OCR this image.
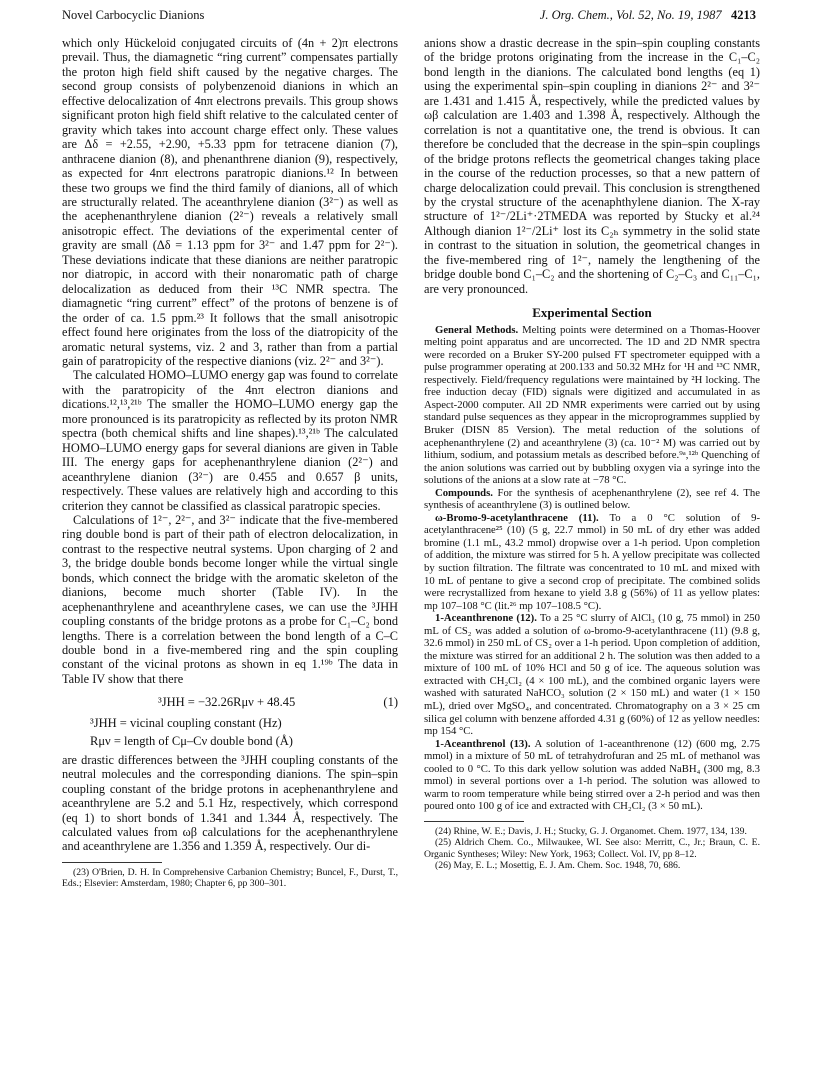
Novel Carbocyclic Dianions	J. Org. Chem., Vol. 52, No. 19, 1987 4213

which only Hückeloid conjugated circuits of (4n + 2)π electrons prevail. Thus, the diamagnetic “ring current” compensates partially the proton high field shift caused by the negative charges. The second group consists of polybenzenoid dianions in which an effective delocalization of 4nπ electrons prevails. This group shows significant proton high field shift relative to the calculated center of gravity which takes into account charge effect only. These values are Δδ = +2.55, +2.90, +5.33 ppm for tetracene dianion (7), anthracene dianion (8), and phenanthrene dianion (9), respectively, as expected for 4nπ electrons paratropic dianions.¹² In between these two groups we find the third family of dianions, all of which are structurally related. The aceanthrylene dianion (3²⁻) as well as the acephenanthrylene dianion (2²⁻) reveals a relatively small anisotropic effect. The deviations of the experimental center of gravity are small (Δδ = 1.13 ppm for 3²⁻ and 1.47 ppm for 2²⁻). These deviations indicate that these dianions are neither paratropic nor diatropic, in accord with their nonaromatic path of charge delocalization as deduced from their ¹³C NMR spectra. The diamagnetic “ring current” effect” of the protons of benzene is of the order of ca. 1.5 ppm.²³ It follows that the small anisotropic effect found here originates from the loss of the diatropicity of the aromatic netural systems, viz. 2 and 3, rather than from a partial gain of paratropicity of the respective dianions (viz. 2²⁻ and 3²⁻).

The calculated HOMO–LUMO energy gap was found to correlate with the paratropicity of the 4nπ electron dianions and dications.¹²,¹³,²¹ᵇ The smaller the HOMO–LUMO energy gap the more pronounced is its paratropicity as reflected by its proton NMR spectra (both chemical shifts and line shapes).¹³,²¹ᵇ The calculated HOMO–LUMO energy gaps for several dianions are given in Table III. The energy gaps for acephenanthrylene dianion (2²⁻) and aceanthrylene dianion (3²⁻) are 0.455 and 0.657 β units, respectively. These values are relatively high and according to this criterion they cannot be classified as classical paratropic species.

Calculations of 1²⁻, 2²⁻, and 3²⁻ indicate that the five-membered ring double bond is part of their path of electron delocalization, in contrast to the respective neutral systems. Upon charging of 2 and 3, the bridge double bonds become longer while the virtual single bonds, which connect the bridge with the aromatic skeleton of the dianions, become much shorter (Table IV). In the acephenanthrylene and aceanthrylene cases, we can use the ³JHH coupling constants of the bridge protons as a probe for C₁–C₂ bond lengths. There is a correlation between the bond length of a C–C double bond in a five-membered ring and the spin coupling constant of the vicinal protons as shown in eq 1.¹⁹ᵇ The data in Table IV show that there

³JHH = −32.26Rμν + 48.45	(1)
³JHH = vicinal coupling constant (Hz)
Rμν = length of Cμ–Cν double bond (Å)

are drastic differences between the ³JHH coupling constants of the neutral molecules and the corresponding dianions. The spin–spin coupling constant of the bridge protons in acephenanthrylene and aceanthrylene are 5.2 and 5.1 Hz, respectively, which correspond (eq 1) to short bonds of 1.341 and 1.344 Å, respectively. The calculated values from ωβ calculations for the acephenanthrylene and aceanthrylene are 1.356 and 1.359 Å, respectively. Our di-

(23) O'Brien, D. H. In Comprehensive Carbanion Chemistry; Buncel, F., Durst, T., Eds.; Elsevier: Amsterdam, 1980; Chapter 6, pp 300–301.

anions show a drastic decrease in the spin–spin coupling constants of the bridge protons originating from the increase in the C₁–C₂ bond length in the dianions. The calculated bond lengths (eq 1) using the experimental spin–spin coupling in dianions 2²⁻ and 3²⁻ are 1.431 and 1.415 Å, respectively, while the predicted values by ωβ calculation are 1.403 and 1.398 Å, respectively. Although the correlation is not a quantitative one, the trend is obvious. It can therefore be concluded that the decrease in the spin–spin couplings of the bridge protons reflects the geometrical changes taking place in the course of the reduction processes, so that a new pattern of charge delocalization could prevail. This conclusion is strengthened by the crystal structure of the acenaphthylene dianion. The X-ray structure of 1²⁻/2Li⁺·2TMEDA was reported by Stucky et al.²⁴ Although dianion 1²⁻/2Li⁺ lost its C₂ₕ symmetry in the solid state in contrast to the situation in solution, the geometrical changes in the five-membered ring of 1²⁻, namely the lengthening of the bridge double bond C₁–C₂ and the shortening of C₂–C₃ and C₁₁–C₁, are very pronounced.

Experimental Section

General Methods. Melting points were determined on a Thomas-Hoover melting point apparatus and are uncorrected. The 1D and 2D NMR spectra were recorded on a Bruker SY-200 pulsed FT spectrometer equipped with a pulse programmer operating at 200.133 and 50.32 MHz for ¹H and ¹³C NMR, respectively. Field/frequency regulations were maintained by ²H locking. The free induction decay (FID) signals were digitized and accumulated in as Aspect-2000 computer. All 2D NMR experiments were carried out by using standard pulse sequences as they appear in the microprogrammes supplied by Bruker (DISN 85 Version). The metal reduction of the solutions of acephenanthrylene (2) and aceanthrylene (3) (ca. 10⁻² M) was carried out by lithium, sodium, and potassium metals as described before.⁹ᵃ,¹²ᵇ Quenching of the anion solutions was carried out by bubbling oxygen via a syringe into the solutions of the anions at a slow rate at −78 °C.

Compounds. For the synthesis of acephenanthrylene (2), see ref 4. The synthesis of aceanthrylene (3) is outlined below.

ω-Bromo-9-acetylanthracene (11). To a 0 °C solution of 9-acetylanthracene²⁵ (10) (5 g, 22.7 mmol) in 50 mL of dry ether was added bromine (1.1 mL, 43.2 mmol) dropwise over a 1-h period. Upon completion of addition, the mixture was stirred for 5 h. A yellow precipitate was collected by suction filtration. The filtrate was concentrated to 10 mL and mixed with 10 mL of pentane to give a second crop of precipitate. The combined solids were recrystallized from hexane to yield 3.8 g (56%) of 11 as yellow plates: mp 107–108 °C (lit.²⁶ mp 107–108.5 °C).

1-Aceanthrenone (12). To a 25 °C slurry of AlCl₃ (10 g, 75 mmol) in 250 mL of CS₂ was added a solution of ω-bromo-9-acetylanthracene (11) (9.8 g, 32.6 mmol) in 250 mL of CS₂ over a 1-h period. Upon completion of addition, the mixture was stirred for an additional 2 h. The solution was then added to a mixture of 100 mL of 10% HCl and 50 g of ice. The aqueous solution was extracted with CH₂Cl₂ (4 × 100 mL), and the combined organic layers were washed with saturated NaHCO₃ solution (2 × 150 mL) and water (1 × 150 mL), dried over MgSO₄, and concentrated. Chromatography on a 3 × 25 cm silica gel column with benzene afforded 4.31 g (60%) of 12 as yellow needles: mp 154 °C.

1-Aceanthrenol (13). A solution of 1-aceanthrenone (12) (600 mg, 2.75 mmol) in a mixture of 50 mL of tetrahydrofuran and 25 mL of methanol was cooled to 0 °C. To this dark yellow solution was added NaBH₄ (300 mg, 8.3 mmol) in several portions over a 1-h period. The solution was allowed to warm to room temperature while being stirred over a 2-h period and was then poured onto 100 g of ice and extracted with CH₂Cl₂ (3 × 50 mL).

(24) Rhine, W. E.; Davis, J. H.; Stucky, G. J. Organomet. Chem. 1977, 134, 139.

(25) Aldrich Chem. Co., Milwaukee, WI. See also: Merritt, C., Jr.; Braun, C. E. Organic Syntheses; Wiley: New York, 1963; Collect. Vol. IV, pp 8–12.

(26) May, E. L.; Mosettig, E. J. Am. Chem. Soc. 1948, 70, 686.
